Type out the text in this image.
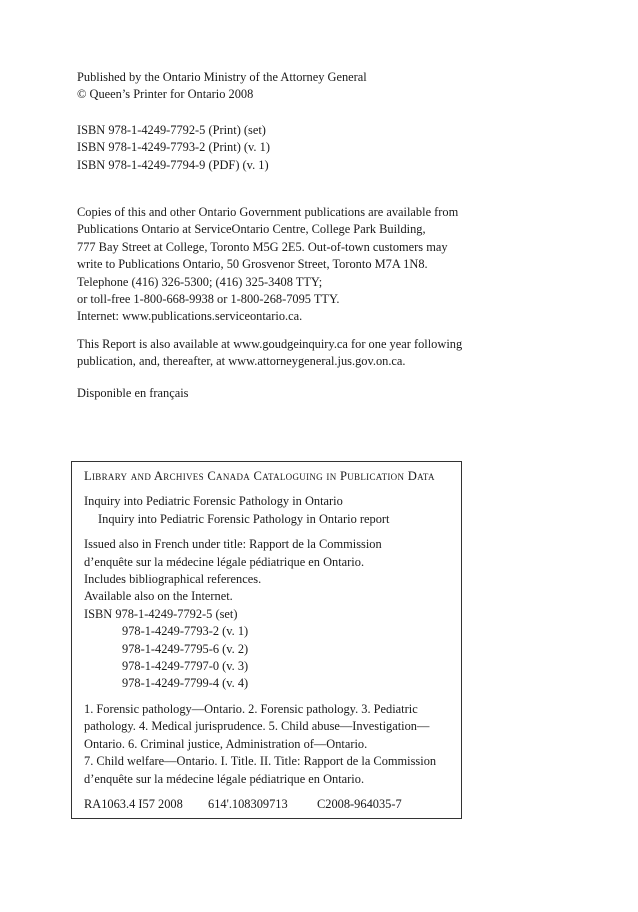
Published by the Ontario Ministry of the Attorney General
© Queen’s Printer for Ontario 2008
ISBN 978-1-4249-7792-5 (Print) (set)
ISBN 978-1-4249-7793-2 (Print) (v. 1)
ISBN 978-1-4249-7794-9 (PDF) (v. 1)
Copies of this and other Ontario Government publications are available from
Publications Ontario at ServiceOntario Centre, College Park Building,
777 Bay Street at College, Toronto M5G 2E5. Out-of-town customers may
write to Publications Ontario, 50 Grosvenor Street, Toronto M7A 1N8.
Telephone (416) 326-5300; (416) 325-3408 TTY;
or toll-free 1-800-668-9938 or 1-800-268-7095 TTY.
Internet: www.publications.serviceontario.ca.
This Report is also available at www.goudgeinquiry.ca for one year following
publication, and, thereafter, at www.attorneygeneral.jus.gov.on.ca.
Disponible en français
Library and Archives Canada Cataloguing in Publication Data
Inquiry into Pediatric Forensic Pathology in Ontario
Inquiry into Pediatric Forensic Pathology in Ontario report
Issued also in French under title: Rapport de la Commission
d’enquête sur la médecine légale pédiatrique en Ontario.
Includes bibliographical references.
Available also on the Internet.
ISBN 978-1-4249-7792-5 (set)
978-1-4249-7793-2 (v. 1)
978-1-4249-7795-6 (v. 2)
978-1-4249-7797-0 (v. 3)
978-1-4249-7799-4 (v. 4)
1. Forensic pathology—Ontario. 2. Forensic pathology. 3. Pediatric
pathology. 4. Medical jurisprudence. 5. Child abuse—Investigation—
Ontario. 6. Criminal justice, Administration of—Ontario.
7. Child welfare—Ontario. I. Title. II. Title: Rapport de la Commission
d’enquête sur la médecine légale pédiatrique en Ontario.
RA1063.4 I57 2008 614'.108309713 C2008-964035-7
